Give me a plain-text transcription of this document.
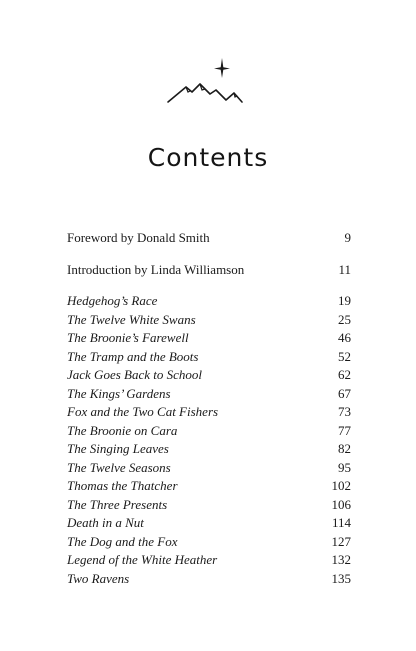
Contents
Foreword by Donald Smith	9
Introduction by Linda Williamson	11
Hedgehog’s Race	19
The Twelve White Swans	25
The Broonie’s Farewell	46
The Tramp and the Boots	52
Jack Goes Back to School	62
The Kings’ Gardens	67
Fox and the Two Cat Fishers	73
The Broonie on Cara	77
The Singing Leaves	82
The Twelve Seasons	95
Thomas the Thatcher	102
The Three Presents	106
Death in a Nut	114
The Dog and the Fox	127
Legend of the White Heather	132
Two Ravens	135
